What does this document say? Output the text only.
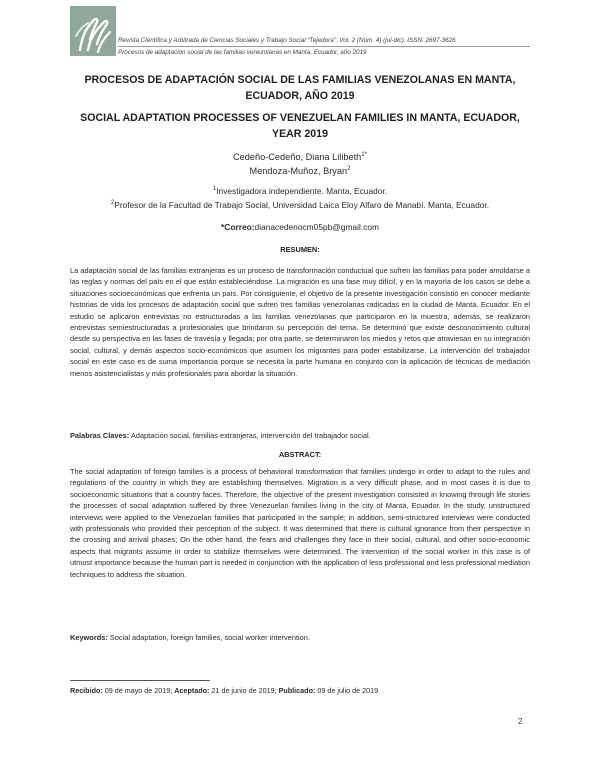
Revista Científica y Arbitrada de Ciencias Sociales y Trabajo Social “Tejedora”: Vol. 2 (Núm. 4) (jul-dic). ISSN: 2697-3626
Procesos de adaptación social de las familias venezolanas en Manta, Ecuador, año 2019
PROCESOS DE ADAPTACIÓN SOCIAL DE LAS FAMILIAS VENEZOLANAS EN MANTA, ECUADOR, AÑO 2019
SOCIAL ADAPTATION PROCESSES OF VENEZUELAN FAMILIES IN MANTA, ECUADOR, YEAR 2019
Cedeño-Cedeño, Diana Lilibeth$^{1*}$
Mendoza-Muñoz, Bryan$^2$
$^1$Investigadora independiente. Manta, Ecuador.
$^2$Profesor de la Facultad de Trabajo Social, Universidad Laica Eloy Alfaro de Manabí. Manta, Ecuador.
*Correo:dianacedenocm05pb@gmail.com
RESUMEN:
La adaptación social de las familias extranjeras es un proceso de transformación conductual que sufren las familias para poder amoldarse a las reglas y normas del país en el que están estableciéndose. La migración es una fase muy difícil, y en la mayoría de los casos se debe a situaciones socioeconómicas que enfrenta un país. Por consiguiente, el objetivo de la presente investigación consistió en conocer mediante historias de vida los procesos de adaptación social que sufren tres familias venezolanas radicadas en la ciudad de Manta, Ecuador. En el estudio se aplicaron entrevistas no estructuradas a las familias venezolanas que participaron en la muestra, además, se realizaron entrevistas semiestructuradas a profesionales que brindaron su percepción del tema. Se determinó que existe desconocimiento cultural desde su perspectiva en las fases de travesía y llegada; por otra parte, se determinaron los miedos y retos que atraviesan en su integración social, cultural, y demás aspectos socio-económicos que asumen los migrantes para poder estabilizarse. La intervención del trabajador social en este caso es de suma importancia porque se necesita la parte humana en conjunto con la aplicación de técnicas de mediación menos asistencialistas y más profesionales para abordar la situación.
Palabras Claves: Adaptación social, familias extranjeras, intervención del trabajador social.
ABSTRACT:
The social adaptation of foreign families is a process of behavioral transformation that families undergo in order to adapt to the rules and regulations of the country in which they are establishing themselves. Migration is a very difficult phase, and in most cases it is due to socioeconomic situations that a country faces. Therefore, the objective of the present investigation consisted in knowing through life stories the processes of social adaptation suffered by three Venezuelan families living in the city of Manta, Ecuador. In the study, unstructured interviews were applied to the Venezuelan families that participated in the sample; in addition, semi-structured interviews were conducted with professionals who provided their perception of the subject. It was determined that there is cultural ignorance from their perspective in the crossing and arrival phases; On the other hand, the fears and challenges they face in their social, cultural, and other socio-economic aspects that migrants assume in order to stabilize themselves were determined. The intervention of the social worker in this case is of utmost importance because the human part is needed in conjunction with the application of less professional and less professional mediation techniques to address the situation.
Keywords: Social adaptation, foreign families, social worker intervention.
Recibido: 09 de mayo de 2019; Aceptado: 21 de junio de 2019; Publicado: 09 de julio de 2019
2
